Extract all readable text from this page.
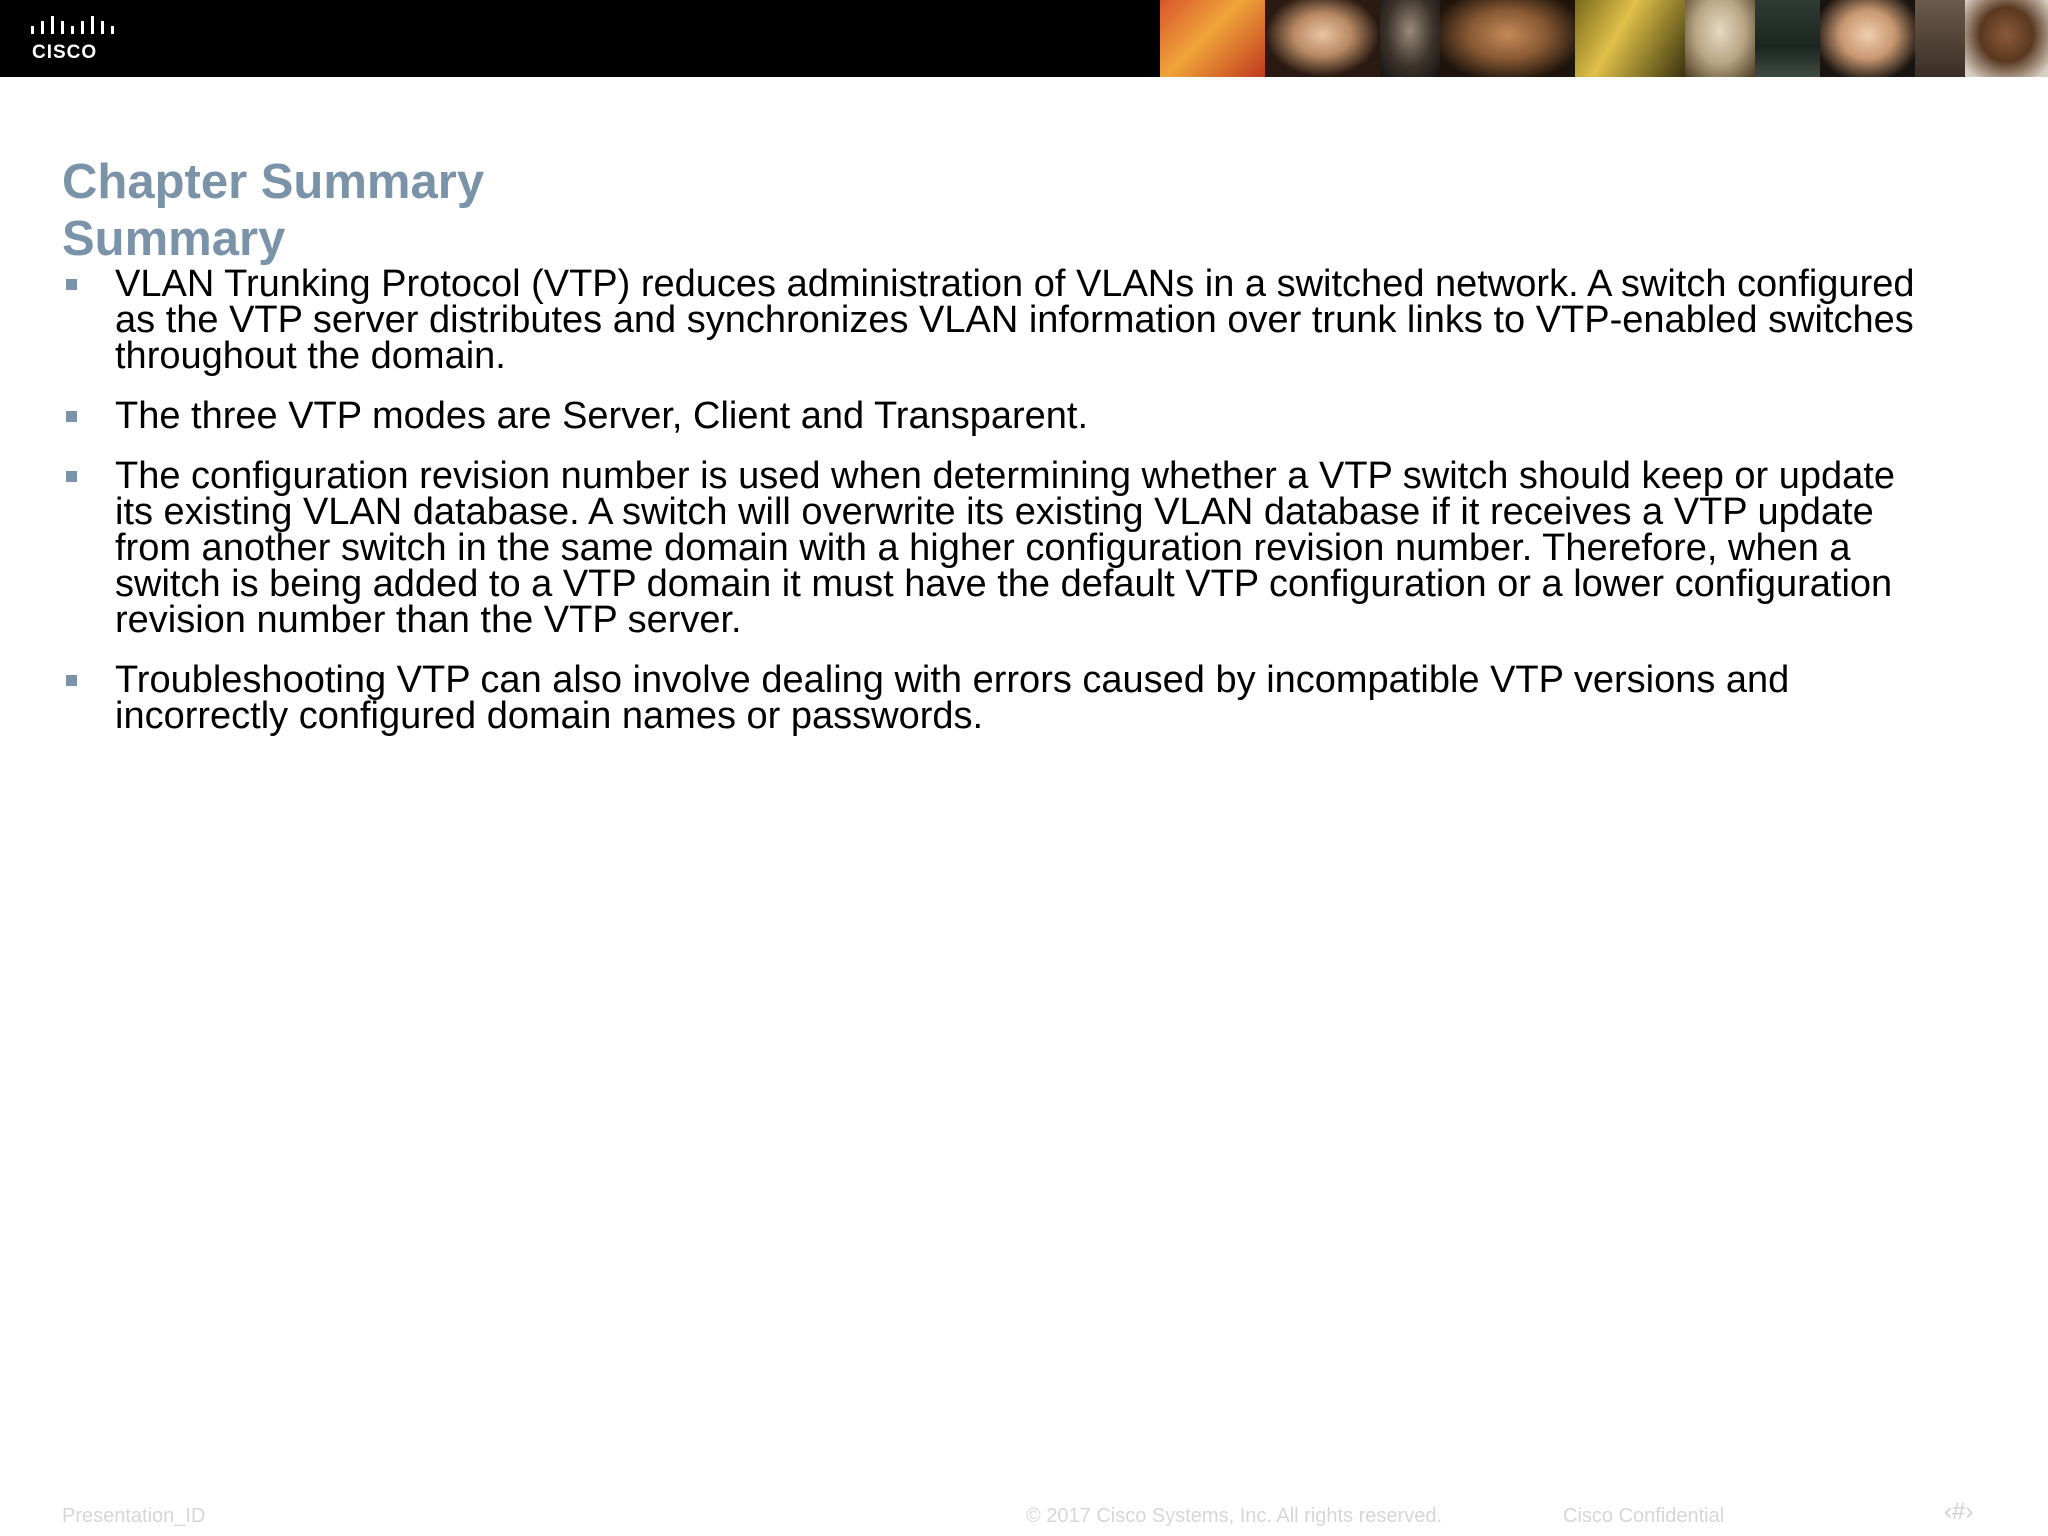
CISCO
Chapter Summary
Summary
VLAN Trunking Protocol (VTP) reduces administration of VLANs in a switched network. A switch configured as the VTP server distributes and synchronizes VLAN information over trunk links to VTP-enabled switches throughout the domain.
The three VTP modes are Server, Client and Transparent.
The configuration revision number is used when determining whether a VTP switch should keep or update its existing VLAN database. A switch will overwrite its existing VLAN database if it receives a VTP update from another switch in the same domain with a higher configuration revision number. Therefore, when a switch is being added to a VTP domain it must have the default VTP configuration or a lower configuration revision number than the VTP server.
Troubleshooting VTP can also involve dealing with errors caused by incompatible VTP versions and incorrectly configured domain names or passwords.
Presentation_ID	© 2017 Cisco Systems, Inc. All rights reserved.	Cisco Confidential	‹#›
